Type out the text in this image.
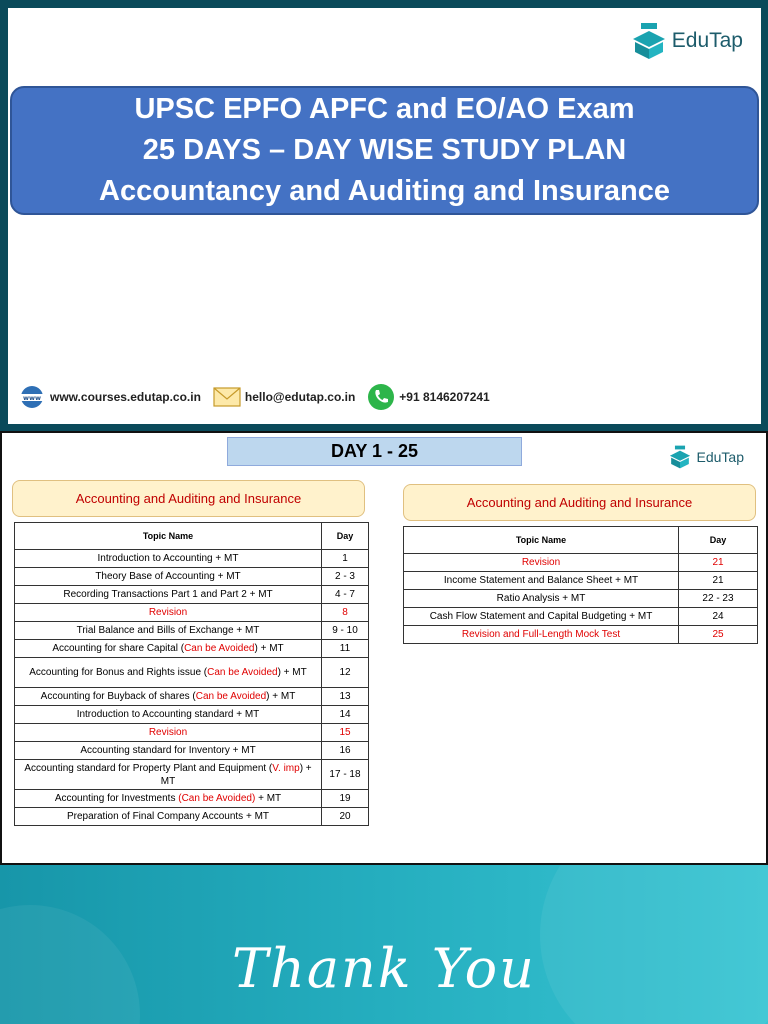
EduTap
UPSC EPFO APFC and EO/AO Exam
25 DAYS – DAY WISE STUDY PLAN
Accountancy and Auditing and Insurance
www www.courses.edutap.co.in	hello@edutap.co.in	+91 8146207241
DAY 1 - 25	EduTap
Accounting and Auditing and Insurance	Accounting and Auditing and Insurance
Topic Name	Day
Introduction to Accounting + MT	1
Theory Base of Accounting + MT	2 - 3
Recording Transactions Part 1 and Part 2 + MT	4 - 7
Revision	8
Trial Balance and Bills of Exchange + MT	9 - 10
Accounting for share Capital (Can be Avoided) + MT	11
Accounting for Bonus and Rights issue (Can be Avoided) + MT	12
Accounting for Buyback of shares (Can be Avoided) + MT	13
Introduction to Accounting standard + MT	14
Revision	15
Accounting standard for Inventory + MT	16
Accounting standard for Property Plant and Equipment (V. imp) + MT	17 - 18
Accounting for Investments (Can be Avoided) + MT	19
Preparation of Final Company Accounts + MT	20
Topic Name	Day
Revision	21
Income Statement and Balance Sheet + MT	21
Ratio Analysis + MT	22 - 23
Cash Flow Statement and Capital Budgeting + MT	24
Revision and Full-Length Mock Test	25
Thank You
